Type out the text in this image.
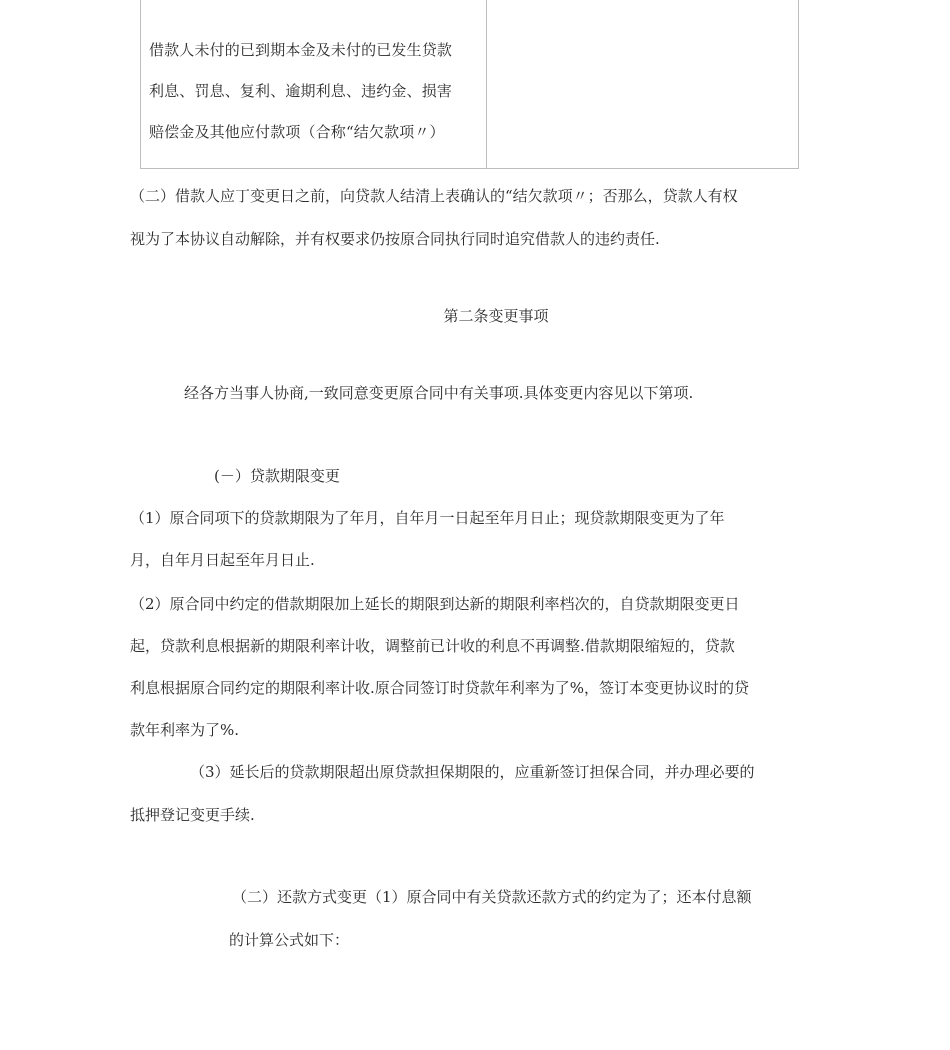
借款人未付的已到期本金及未付的已发生贷款
利息、罚息、复利、逾期利息、违约金、损害
赔偿金及其他应付款项（合称“结欠款项〃）
（二）借款人应丁变更日之前，向贷款人结清上表确认的“结欠款项〃；否那么，贷款人有权
视为了本协议自动解除，并有权要求仍按原合同执行同时追究借款人的违约责任.
第二条变更事项
经各方当事人协商,一致同意变更原合同中有关事项.具体变更内容见以下第项.
(－）贷款期限变更
（1）原合同项下的贷款期限为了年月，自年月一日起至年月日止；现贷款期限变更为了年
月，自年月日起至年月日止.
（2）原合同中约定的借款期限加上延长的期限到达新的期限利率档次的，自贷款期限变更日
起，贷款利息根据新的期限利率计收，调整前已计收的利息不再调整.借款期限缩短的，贷款
利息根据原合同约定的期限利率计收.原合同签订时贷款年利率为了%，签订本变更协议时的贷
款年利率为了%.
（3）延长后的贷款期限超出原贷款担保期限的，应重新签订担保合同，并办理必要的
抵押登记变更手续.
（二）还款方式变更（1）原合同中有关贷款还款方式的约定为了；还本付息额
的计算公式如下：
